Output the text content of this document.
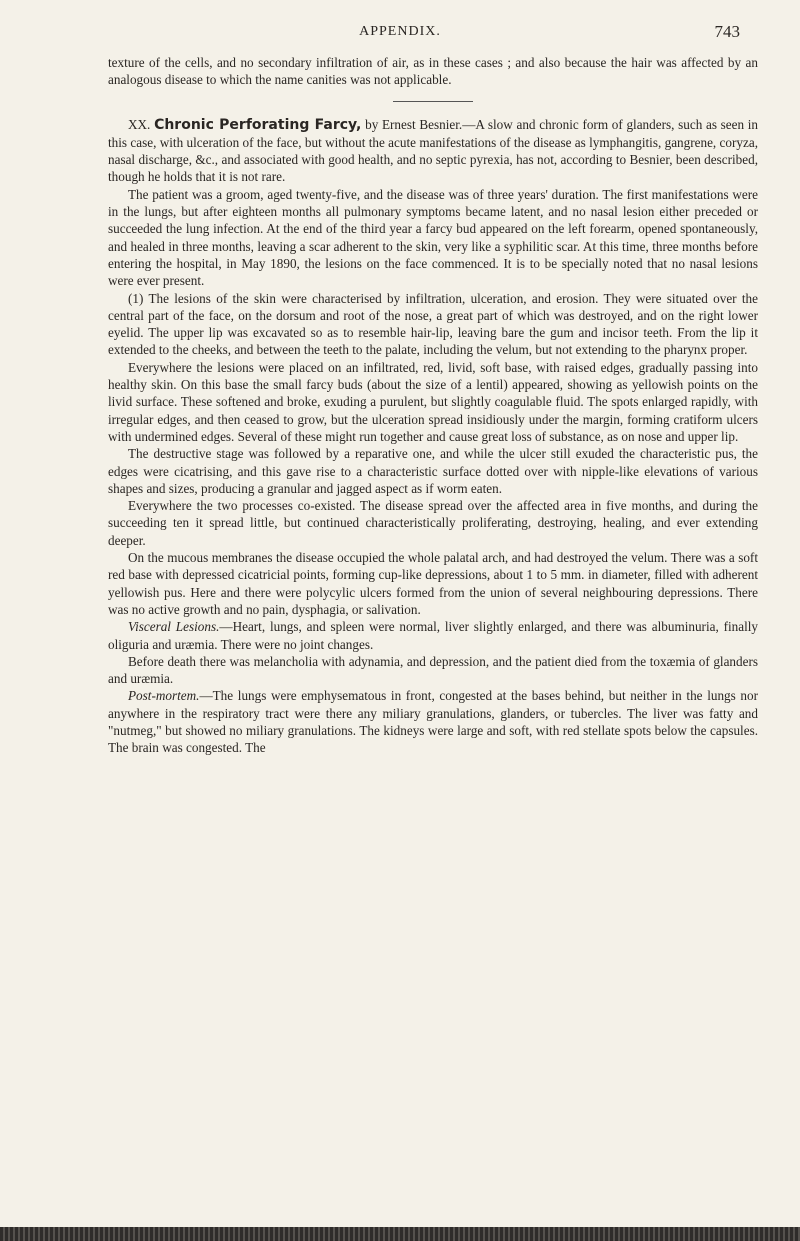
APPENDIX.	743

texture of the cells, and no secondary infiltration of air, as in these cases ; and also because the hair was affected by an analogous disease to which the name canities was not applicable.

XX. Chronic Perforating Farcy, by Ernest Besnier.—A slow and chronic form of glanders, such as seen in this case, with ulceration of the face, but without the acute manifestations of the disease as lymphangitis, gangrene, coryza, nasal discharge, &c., and associated with good health, and no septic pyrexia, has not, according to Besnier, been described, though he holds that it is not rare.

The patient was a groom, aged twenty-five, and the disease was of three years' duration. The first manifestations were in the lungs, but after eighteen months all pulmonary symptoms became latent, and no nasal lesion either preceded or succeeded the lung infection. At the end of the third year a farcy bud appeared on the left forearm, opened spontaneously, and healed in three months, leaving a scar adherent to the skin, very like a syphilitic scar. At this time, three months before entering the hospital, in May 1890, the lesions on the face commenced. It is to be specially noted that no nasal lesions were ever present.

(1) The lesions of the skin were characterised by infiltration, ulceration, and erosion. They were situated over the central part of the face, on the dorsum and root of the nose, a great part of which was destroyed, and on the right lower eyelid. The upper lip was excavated so as to resemble hair-lip, leaving bare the gum and incisor teeth. From the lip it extended to the cheeks, and between the teeth to the palate, including the velum, but not extending to the pharynx proper.

Everywhere the lesions were placed on an infiltrated, red, livid, soft base, with raised edges, gradually passing into healthy skin. On this base the small farcy buds (about the size of a lentil) appeared, showing as yellowish points on the livid surface. These softened and broke, exuding a purulent, but slightly coagulable fluid. The spots enlarged rapidly, with irregular edges, and then ceased to grow, but the ulceration spread insidiously under the margin, forming cratiform ulcers with undermined edges. Several of these might run together and cause great loss of substance, as on nose and upper lip.

The destructive stage was followed by a reparative one, and while the ulcer still exuded the characteristic pus, the edges were cicatrising, and this gave rise to a characteristic surface dotted over with nipple-like elevations of various shapes and sizes, producing a granular and jagged aspect as if worm eaten.

Everywhere the two processes co-existed. The disease spread over the affected area in five months, and during the succeeding ten it spread little, but continued characteristically proliferating, destroying, healing, and ever extending deeper.

On the mucous membranes the disease occupied the whole palatal arch, and had destroyed the velum. There was a soft red base with depressed cicatricial points, forming cup-like depressions, about 1 to 5 mm. in diameter, filled with adherent yellowish pus. Here and there were polycylic ulcers formed from the union of several neighbouring depressions. There was no active growth and no pain, dysphagia, or salivation.

Visceral Lesions.—Heart, lungs, and spleen were normal, liver slightly enlarged, and there was albuminuria, finally oliguria and uræmia. There were no joint changes.

Before death there was melancholia with adynamia, and depression, and the patient died from the toxæmia of glanders and uræmia.

Post-mortem.—The lungs were emphysematous in front, congested at the bases behind, but neither in the lungs nor anywhere in the respiratory tract were there any miliary granulations, glanders, or tubercles. The liver was fatty and "nutmeg," but showed no miliary granulations. The kidneys were large and soft, with red stellate spots below the capsules. The brain was congested. The
